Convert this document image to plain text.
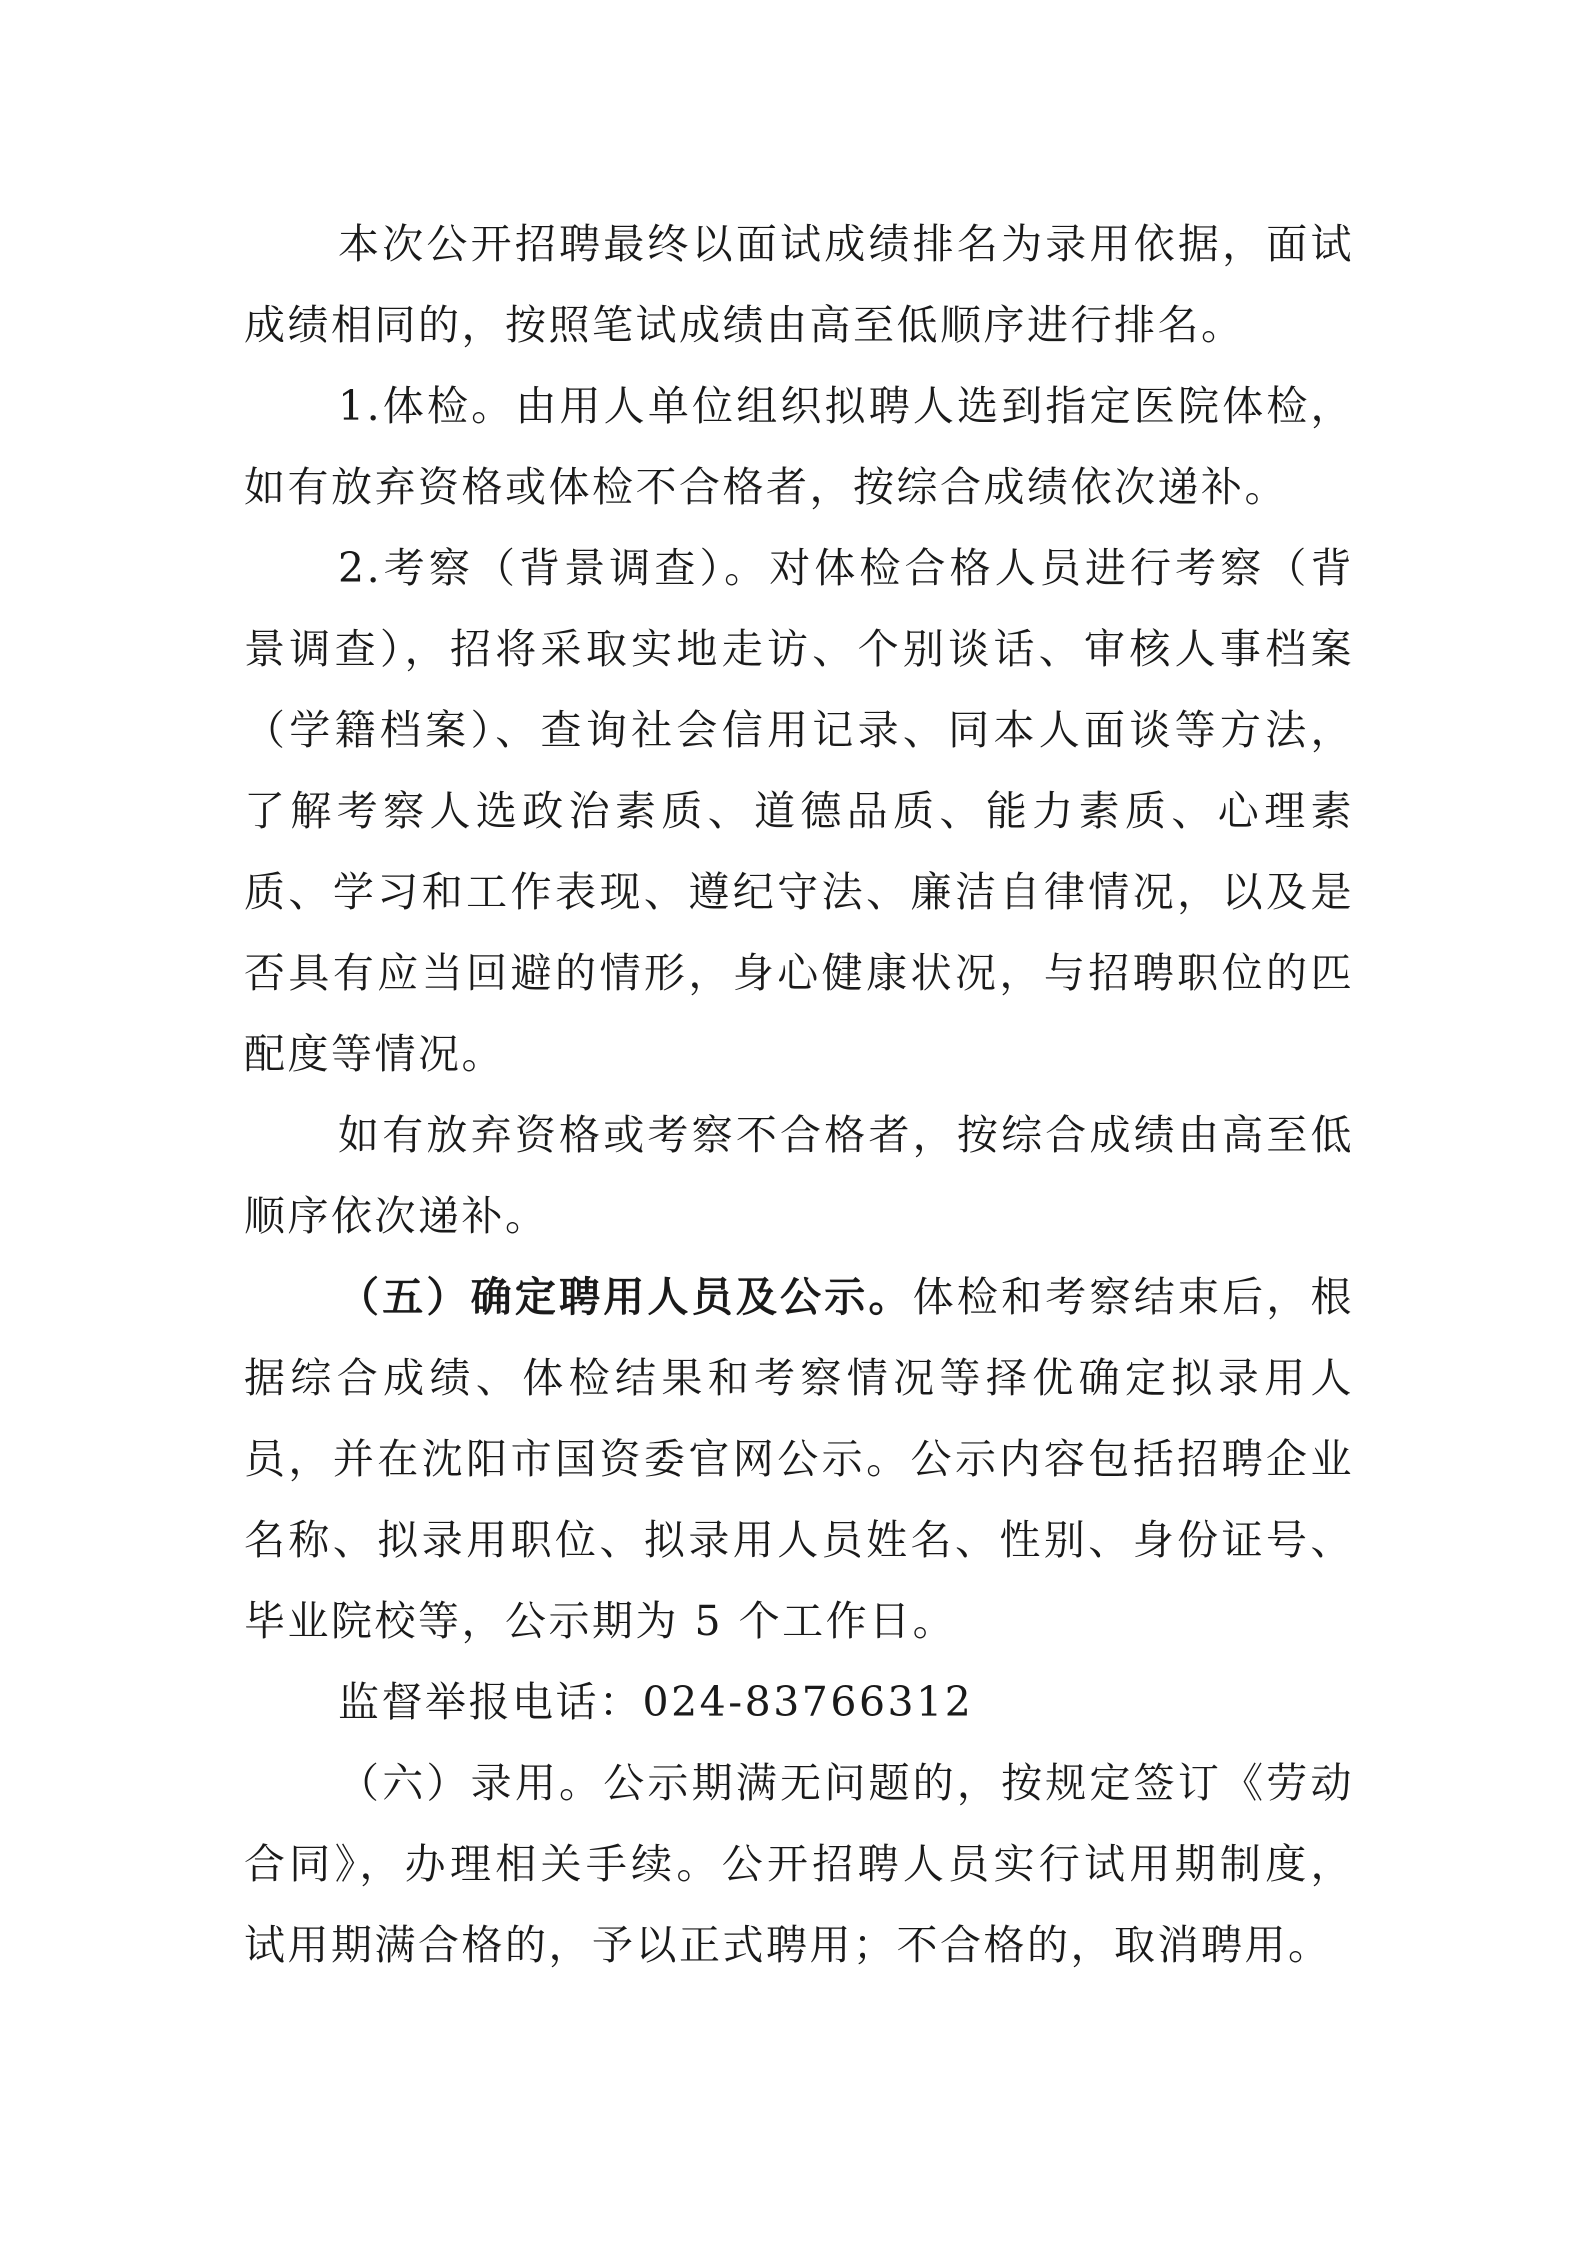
本次公开招聘最终以面试成绩排名为录用依据，面试成绩相同的，按照笔试成绩由高至低顺序进行排名。

1.体检。由用人单位组织拟聘人选到指定医院体检，如有放弃资格或体检不合格者，按综合成绩依次递补。

2.考察（背景调查）。对体检合格人员进行考察（背景调查），招将采取实地走访、个别谈话、审核人事档案（学籍档案）、查询社会信用记录、同本人面谈等方法，了解考察人选政治素质、道德品质、能力素质、心理素质、学习和工作表现、遵纪守法、廉洁自律情况，以及是否具有应当回避的情形，身心健康状况，与招聘职位的匹配度等情况。

如有放弃资格或考察不合格者，按综合成绩由高至低顺序依次递补。

（五）确定聘用人员及公示。体检和考察结束后，根据综合成绩、体检结果和考察情况等择优确定拟录用人员，并在沈阳市国资委官网公示。公示内容包括招聘企业名称、拟录用职位、拟录用人员姓名、性别、身份证号、毕业院校等，公示期为 5 个工作日。

监督举报电话：024-83766312

（六）录用。公示期满无问题的，按规定签订《劳动合同》，办理相关手续。公开招聘人员实行试用期制度，试用期满合格的，予以正式聘用；不合格的，取消聘用。
